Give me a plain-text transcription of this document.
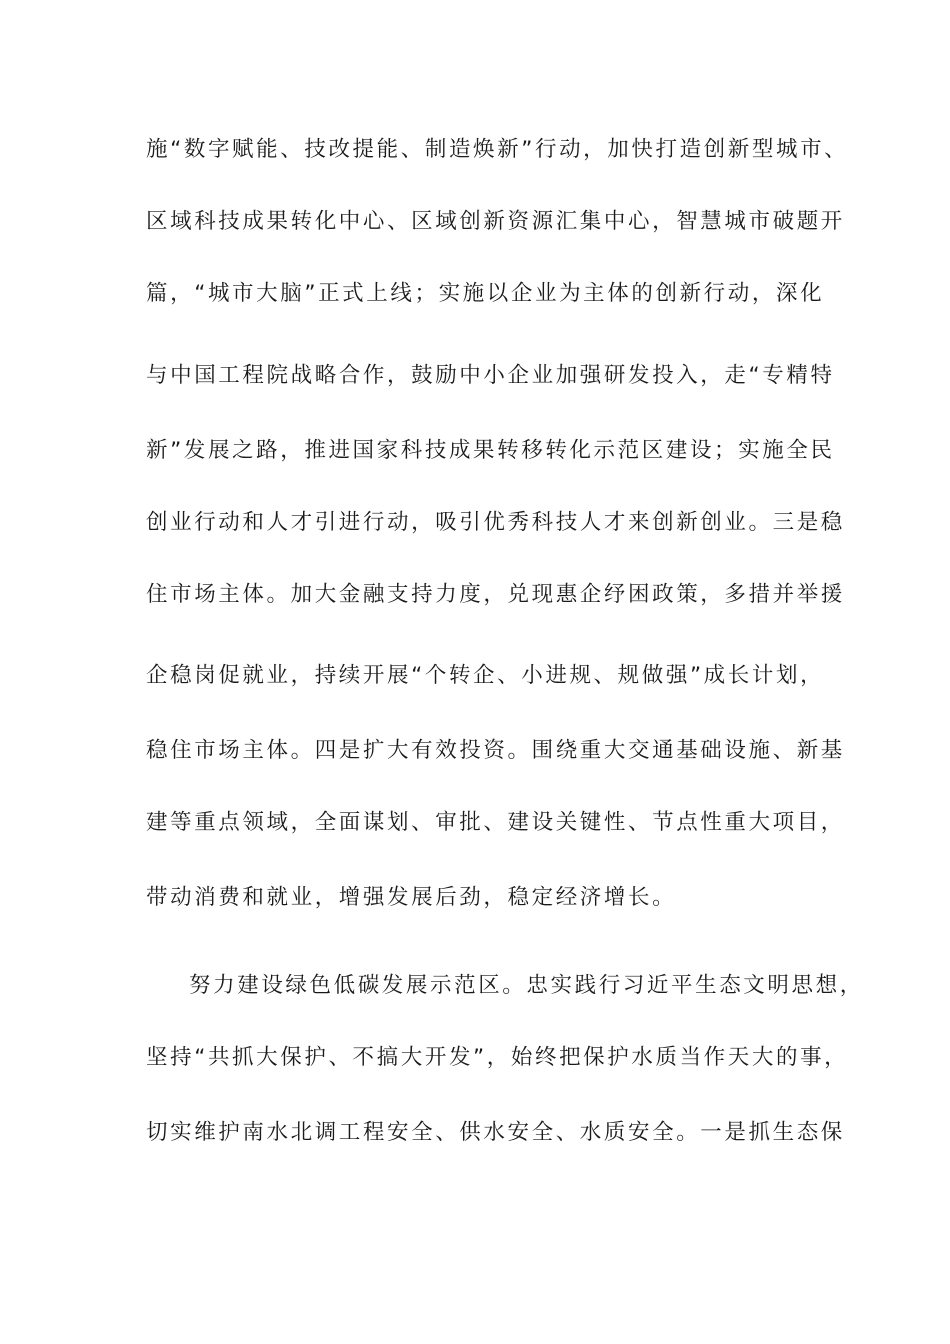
施“数字赋能、技改提能、制造焕新”行动，加快打造创新型城市、
区域科技成果转化中心、区域创新资源汇集中心，智慧城市破题开
篇，“城市大脑”正式上线；实施以企业为主体的创新行动，深化
与中国工程院战略合作，鼓励中小企业加强研发投入，走“专精特
新”发展之路，推进国家科技成果转移转化示范区建设；实施全民
创业行动和人才引进行动，吸引优秀科技人才来创新创业。三是稳
住市场主体。加大金融支持力度，兑现惠企纾困政策，多措并举援
企稳岗促就业，持续开展“个转企、小进规、规做强”成长计划，
稳住市场主体。四是扩大有效投资。围绕重大交通基础设施、新基
建等重点领域，全面谋划、审批、建设关键性、节点性重大项目，
带动消费和就业，增强发展后劲，稳定经济增长。
努力建设绿色低碳发展示范区。忠实践行习近平生态文明思想，
坚持“共抓大保护、不搞大开发”，始终把保护水质当作天大的事，
切实维护南水北调工程安全、供水安全、水质安全。一是抓生态保
